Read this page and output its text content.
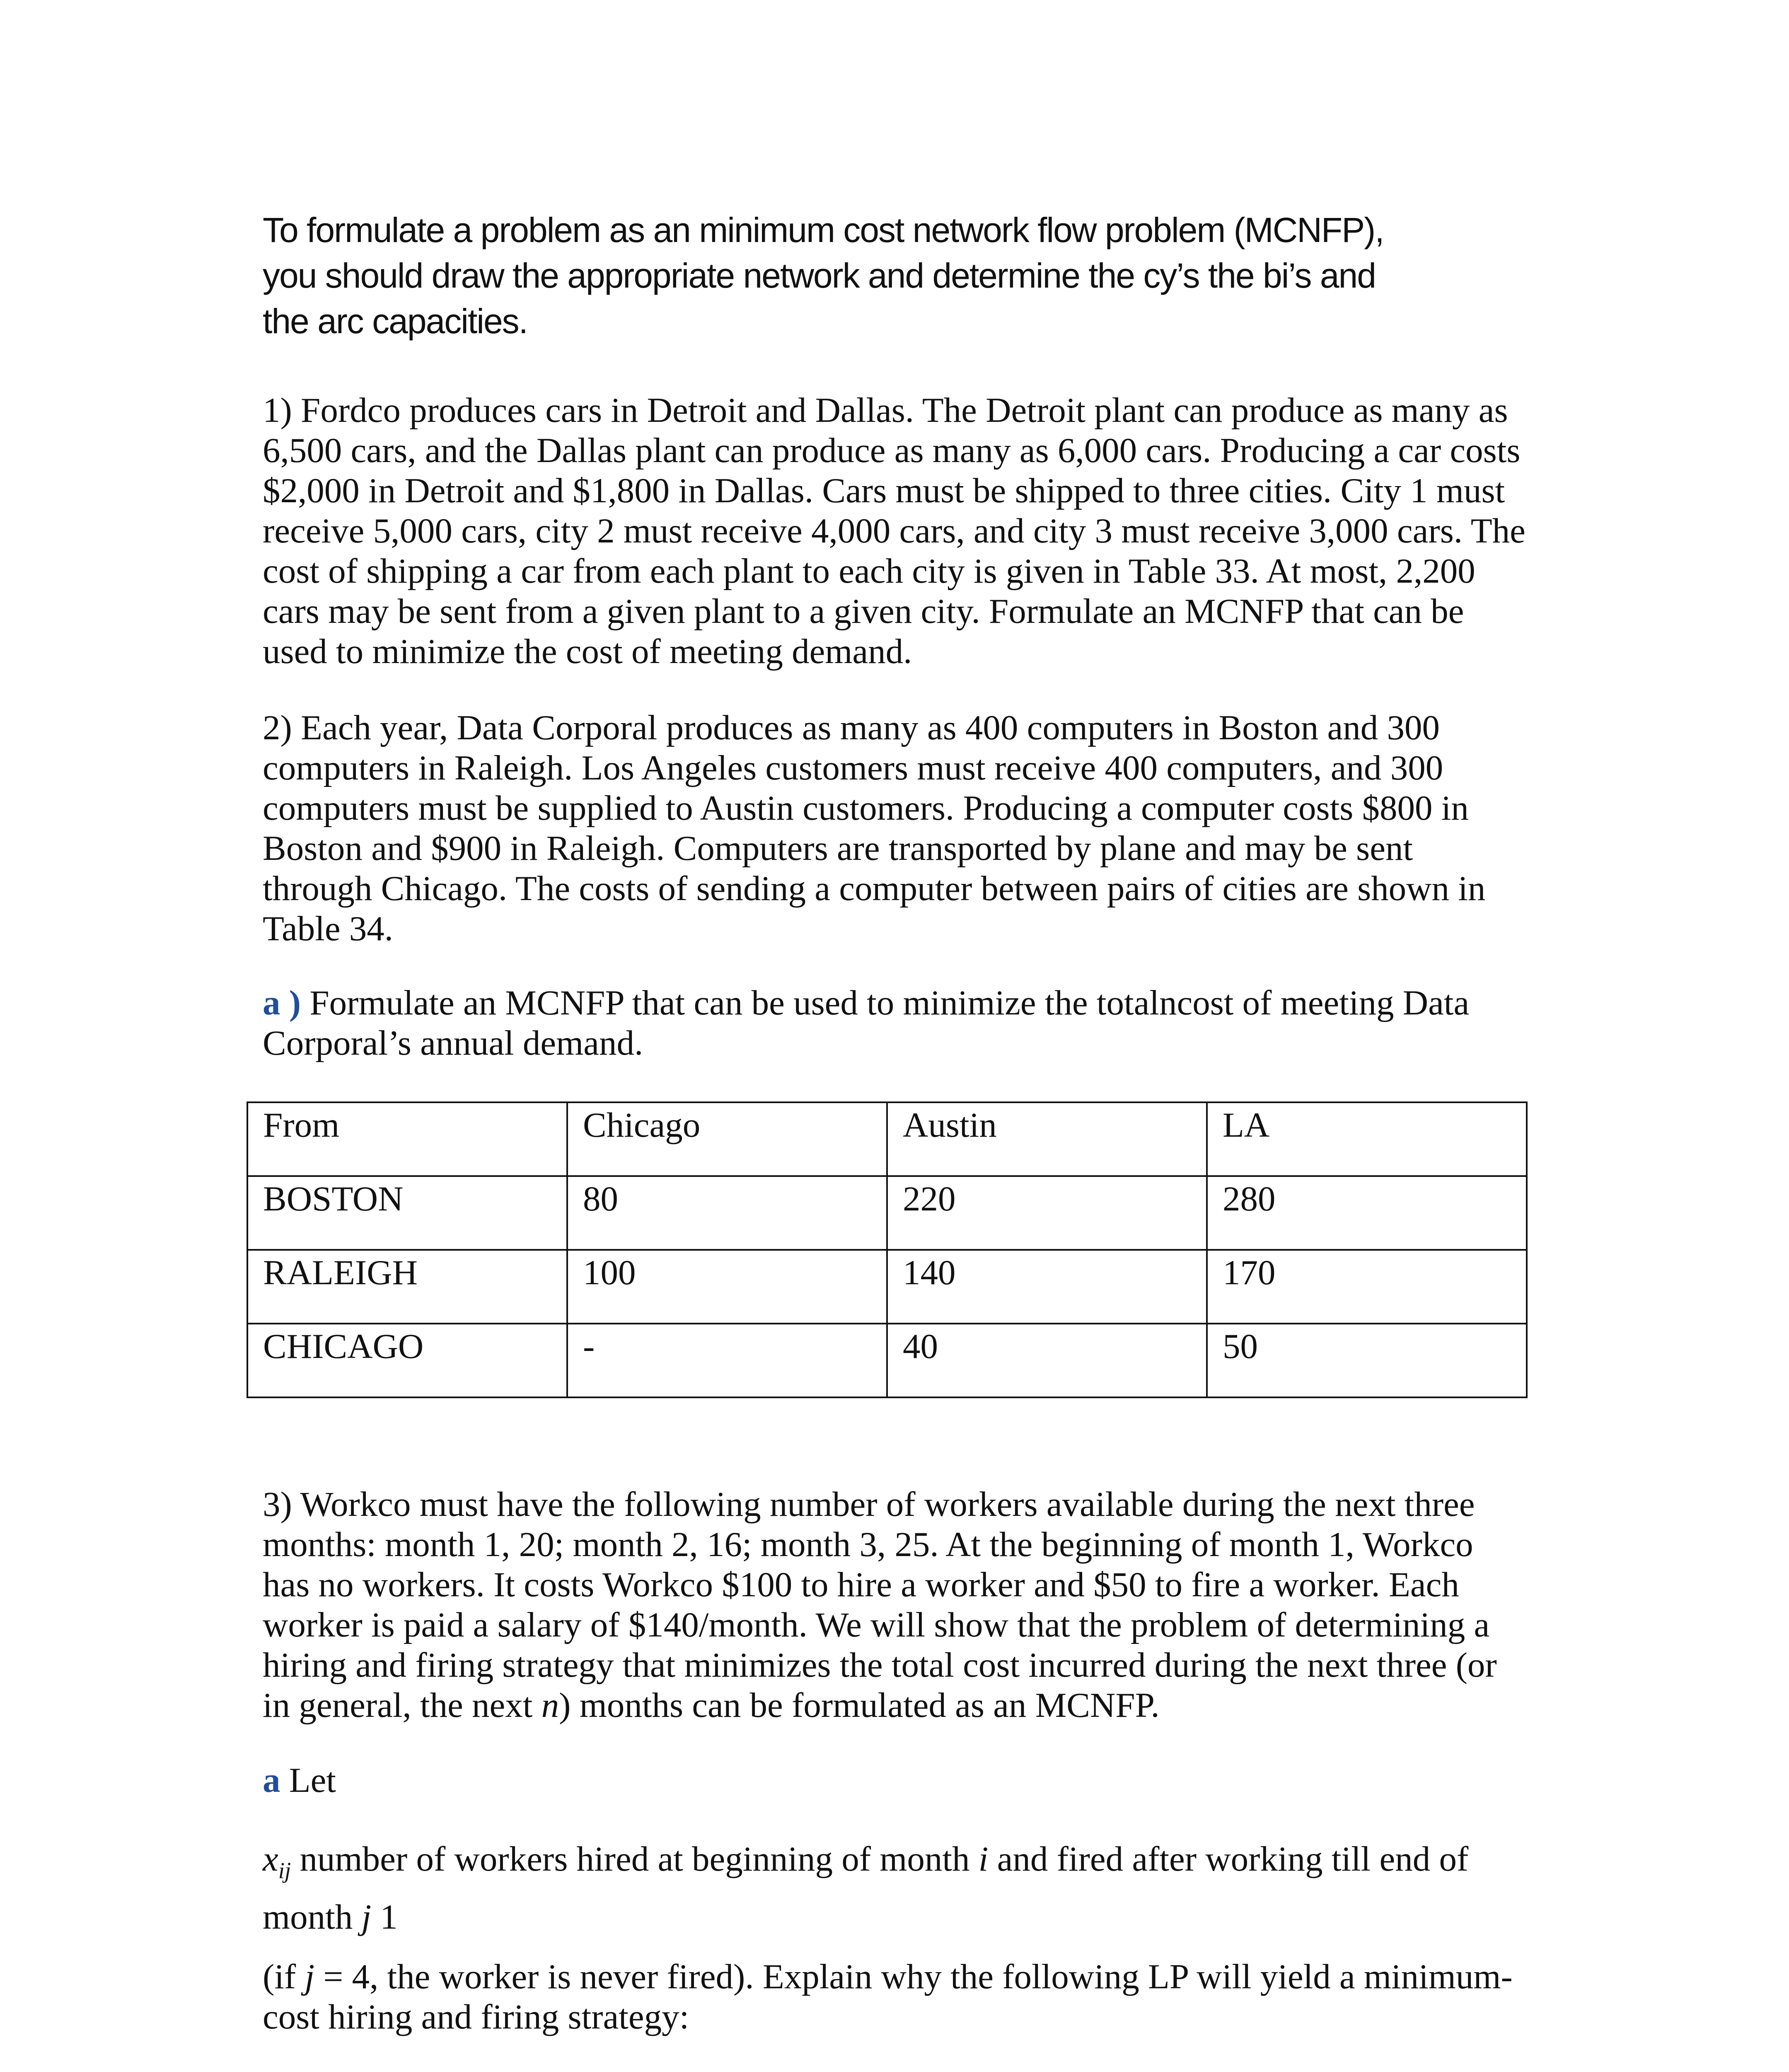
To formulate a problem as an minimum cost network flow problem (MCNFP),
you should draw the appropriate network and determine the cy’s the bi’s and
the arc capacities.
1) Fordco produces cars in Detroit and Dallas. The Detroit plant can produce as many as
6,500 cars, and the Dallas plant can produce as many as 6,000 cars. Producing a car costs
$2,000 in Detroit and $1,800 in Dallas. Cars must be shipped to three cities. City 1 must
receive 5,000 cars, city 2 must receive 4,000 cars, and city 3 must receive 3,000 cars. The
cost of shipping a car from each plant to each city is given in Table 33. At most, 2,200
cars may be sent from a given plant to a given city. Formulate an MCNFP that can be
used to minimize the cost of meeting demand.
2) Each year, Data Corporal produces as many as 400 computers in Boston and 300
computers in Raleigh. Los Angeles customers must receive 400 computers, and 300
computers must be supplied to Austin customers. Producing a computer costs $800 in
Boston and $900 in Raleigh. Computers are transported by plane and may be sent
through Chicago. The costs of sending a computer between pairs of cities are shown in
Table 34.
a ) Formulate an MCNFP that can be used to minimize the totalncost of meeting Data
Corporal’s annual demand.
From	Chicago	Austin	LA
BOSTON	80	220	280
RALEIGH	100	140	170
CHICAGO	-	40	50
3) Workco must have the following number of workers available during the next three
months: month 1, 20; month 2, 16; month 3, 25. At the beginning of month 1, Workco
has no workers. It costs Workco $100 to hire a worker and $50 to fire a worker. Each
worker is paid a salary of $140/month. We will show that the problem of determining a
hiring and firing strategy that minimizes the total cost incurred during the next three (or
in general, the next n) months can be formulated as an MCNFP.
a Let
$x_{ij}$ number of workers hired at beginning of month i and fired after working till end of
month j 1
(if j = 4, the worker is never fired). Explain why the following LP will yield a minimum-
cost hiring and firing strategy:
